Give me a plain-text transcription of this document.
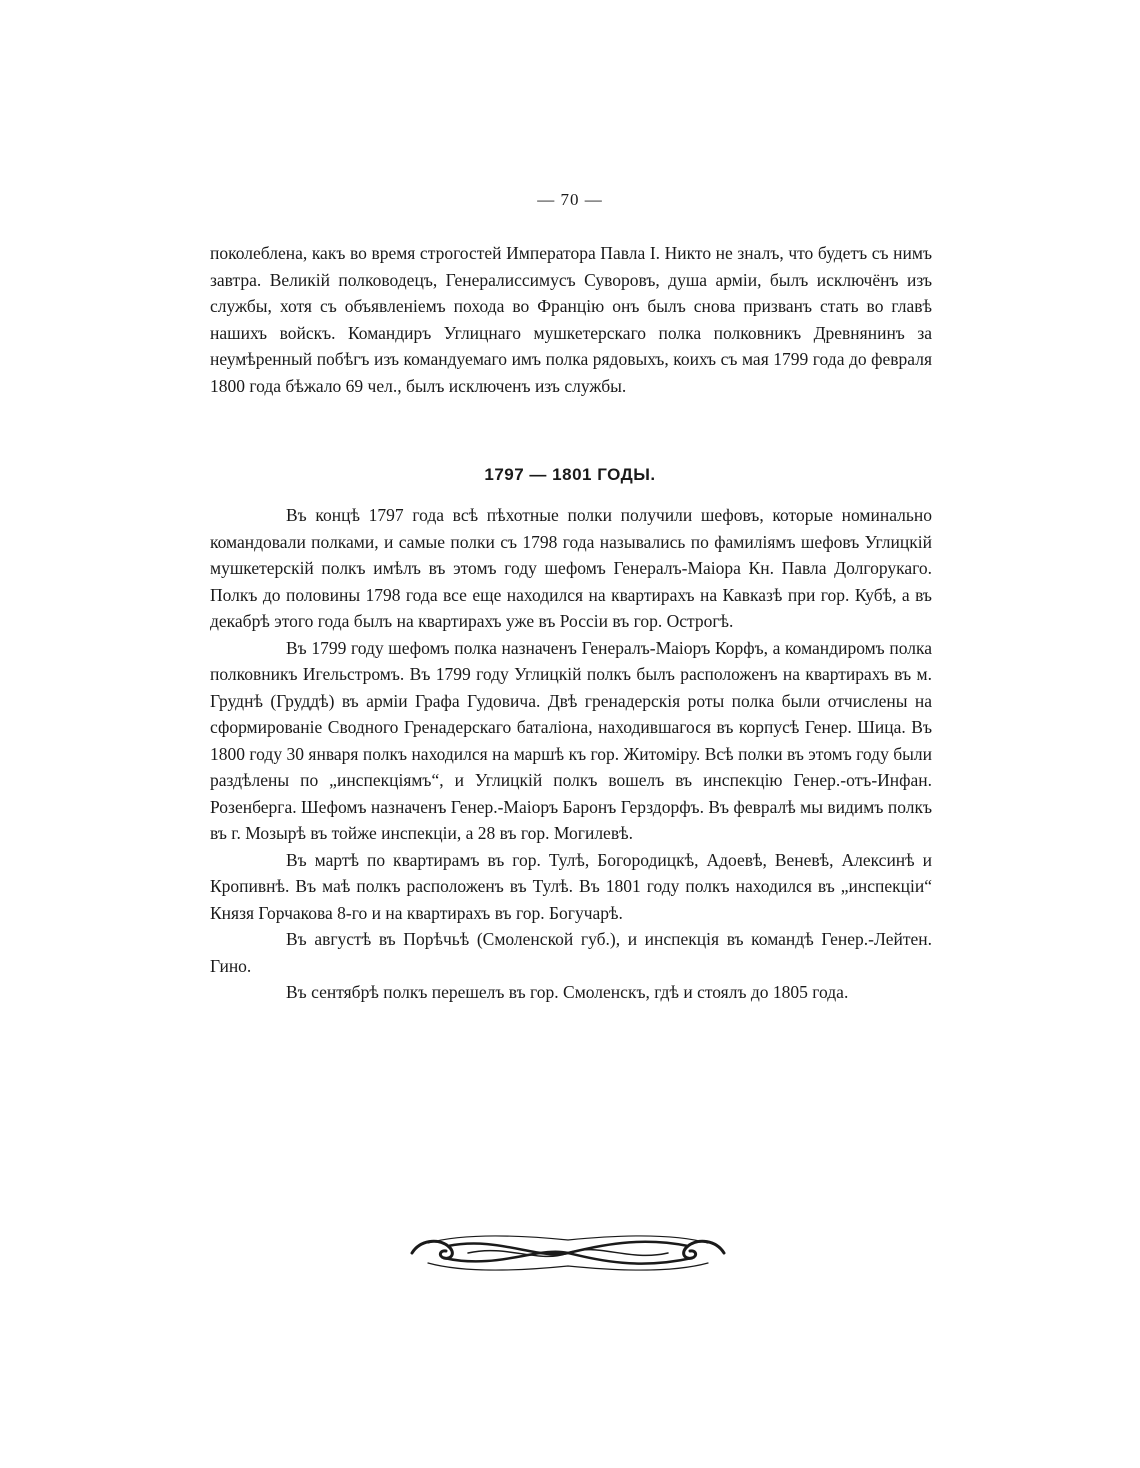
— 70 —

поколеблена, какъ во время строгостей Императора Павла I. Никто не зналъ, что будетъ съ нимъ завтра. Великій полководецъ, Генералиссимусъ Суворовъ, душа арміи, былъ исключёнъ изъ службы, хотя съ объявленіемъ похода во Францію онъ былъ снова призванъ стать во главѣ нашихъ войскъ. Командиръ Углицнаго мушкетерскаго полка полковникъ Древнянинъ за неумѣренный побѣгъ изъ командуемаго имъ полка рядовыхъ, коихъ съ мая 1799 года до февраля 1800 года бѣжало 69 чел., былъ исключенъ изъ службы.

1797 — 1801 ГОДЫ.

Въ концѣ 1797 года всѣ пѣхотные полки получили шефовъ, которые номинально командовали полками, и самые полки съ 1798 года назывались по фамиліямъ шефовъ Углицкій мушкетерскій полкъ имѣлъ въ этомъ году шефомъ Генералъ-Маіора Кн. Павла Долгорукаго. Полкъ до половины 1798 года все еще находился на квартирахъ на Кавказѣ при гор. Кубѣ, а въ декабрѣ этого года былъ на квартирахъ уже въ Россіи въ гор. Острогѣ.

Въ 1799 году шефомъ полка назначенъ Генералъ-Маіоръ Корфъ, а командиромъ полка полковникъ Игельстромъ. Въ 1799 году Углицкій полкъ былъ расположенъ на квартирахъ въ м. Груднѣ (Груддѣ) въ арміи Графа Гудовича. Двѣ гренадерскія роты полка были отчислены на сформированіе Сводного Гренадерскаго баталіона, находившагося въ корпусѣ Генер. Шица. Въ 1800 году 30 января полкъ находился на маршѣ къ гор. Житоміру. Всѣ полки въ этомъ году были раздѣлены по „инспекціямъ“, и Углицкій полкъ вошелъ въ инспекцію Генер.-отъ-Инфан. Розенберга. Шефомъ назначенъ Генер.-Маіоръ Баронъ Герздорфъ. Въ февралѣ мы видимъ полкъ въ г. Мозырѣ въ тойже инспекціи, а 28 въ гор. Могилевѣ.

Въ мартѣ по квартирамъ въ гор. Тулѣ, Богородицкѣ, Адоевѣ, Веневѣ, Алексинѣ и Кропивнѣ. Въ маѣ полкъ расположенъ въ Тулѣ. Въ 1801 году полкъ находился въ „инспекціи“ Князя Горчакова 8-го и на квартирахъ въ гор. Богучарѣ.

Въ августѣ въ Порѣчьѣ (Смоленской губ.), и инспекція въ командѣ Генер.-Лейтен. Гино.

Въ сентябрѣ полкъ перешелъ въ гор. Смоленскъ, гдѣ и стоялъ до 1805 года.
